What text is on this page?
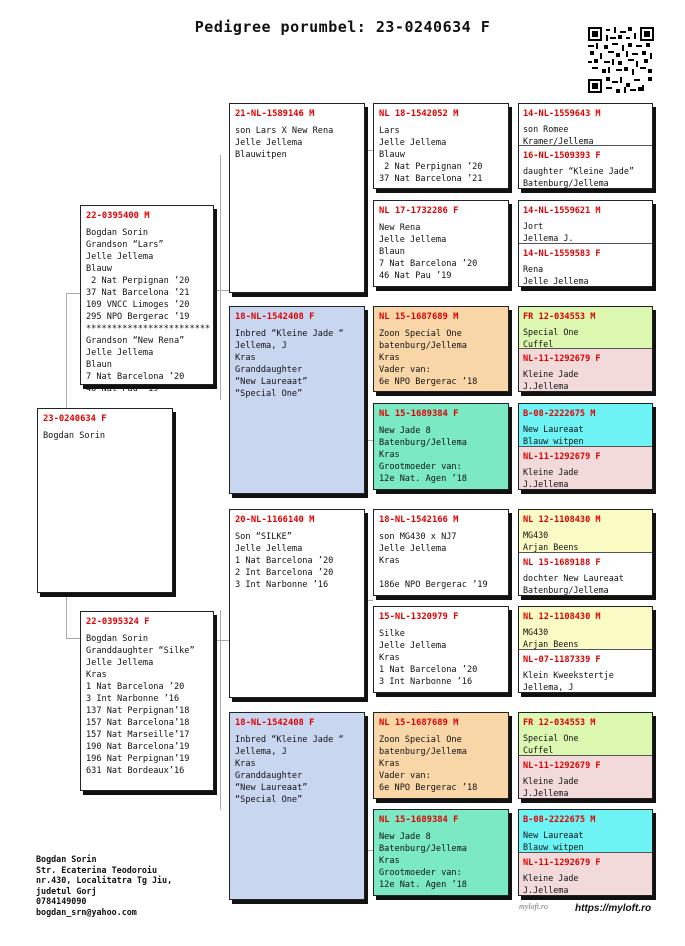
Pedigree porumbel: 23-0240634 F
23-0240634 F
Bogdan Sorin
22-0395400 M
Bogdan Sorin
Grandson “Lars”
Jelle Jellema
Blauw
2 Nat Perpignan ’20
37 Nat Barcelona ’21
109 VNCC Limoges ’20
295 NPO Bergerac ’19
************************
Grandson “New Rena”
Jelle Jellema
Blaun
7 Nat Barcelona ’20
46 Nat Pau ’19
22-0395324 F
Bogdan Sorin
Granddaughter “Silke”
Jelle Jellema
Kras
1 Nat Barcelona ’20
3 Int Narbonne ’16
137 Nat Perpignan’18
157 Nat Barcelona’18
157 Nat Marseille’17
190 Nat Barcelona’19
196 Nat Perpignan’19
631 Nat Bordeaux’16
21-NL-1589146 M
son Lars X New Rena
Jelle Jellema
Blauwitpen
18-NL-1542408 F
Inbred “Kleine Jade “
Jellema, J
Kras
Granddaughter
“New Laureaat”
“Special One”
20-NL-1166140 M
Son “SILKE”
Jelle Jellema
1 Nat Barcelona ’20
2 Int Barcelona ’20
3 Int Narbonne ’16
18-NL-1542408 F
Inbred “Kleine Jade “
Jellema, J
Kras
Granddaughter
“New Laureaat”
“Special One”
NL 18-1542052 M
Lars
Jelle Jellema
Blauw
2 Nat Perpignan ’20
37 Nat Barcelona ’21
NL 17-1732286 F
New Rena
Jelle Jellema
Blaun
7 Nat Barcelona ’20
46 Nat Pau ’19
NL 15-1687689 M
Zoon Special One
batenburg/Jellema
Kras
Vader van:
6e NPO Bergerac ’18
NL 15-1689384 F
New Jade 8
Batenburg/Jellema
Kras
Grootmoeder van:
12e Nat. Agen ’18
18-NL-1542166 M
son MG430 x NJ7
Jelle Jellema
Kras

186e NPO Bergerac ’19
15-NL-1320979 F
Silke
Jelle Jellema
Kras
1 Nat Barcelona ’20
3 Int Narbonne ’16
NL 15-1687689 M
Zoon Special One
batenburg/Jellema
Kras
Vader van:
6e NPO Bergerac ’18
NL 15-1689384 F
New Jade 8
Batenburg/Jellema
Kras
Grootmoeder van:
12e Nat. Agen ’18
14-NL-1559643 M
son Romee
Kramer/Jellema
16-NL-1509393 F
daughter “Kleine Jade”
Batenburg/Jellema
14-NL-1559621 M
Jort
Jellema J.
14-NL-1559583 F
Rena
Jelle Jellema
FR 12-034553 M
Special One
Cuffel
NL-11-1292679 F
Kleine Jade
J.Jellema
B-08-2222675 M
New Laureaat
Blauw witpen
NL-11-1292679 F
Kleine Jade
J.Jellema
NL 12-1108430 M
MG430
Arjan Beens
NL 15-1689188 F
dochter New Laureaat
Batenburg/Jellema
NL 12-1108430 M
MG430
Arjan Beens
NL-07-1187339 F
Klein Kweekstertje
Jellema, J
FR 12-034553 M
Special One
Cuffel
NL-11-1292679 F
Kleine Jade
J.Jellema
B-08-2222675 M
New Laureaat
Blauw witpen
NL-11-1292679 F
Kleine Jade
J.Jellema
Bogdan Sorin
Str. Ecaterina Teodoroiu
nr.430, Localitatra Tg Jiu,
judetul Gorj
0784149090
bogdan_srn@yahoo.com	myloft.ro	https://myloft.ro
